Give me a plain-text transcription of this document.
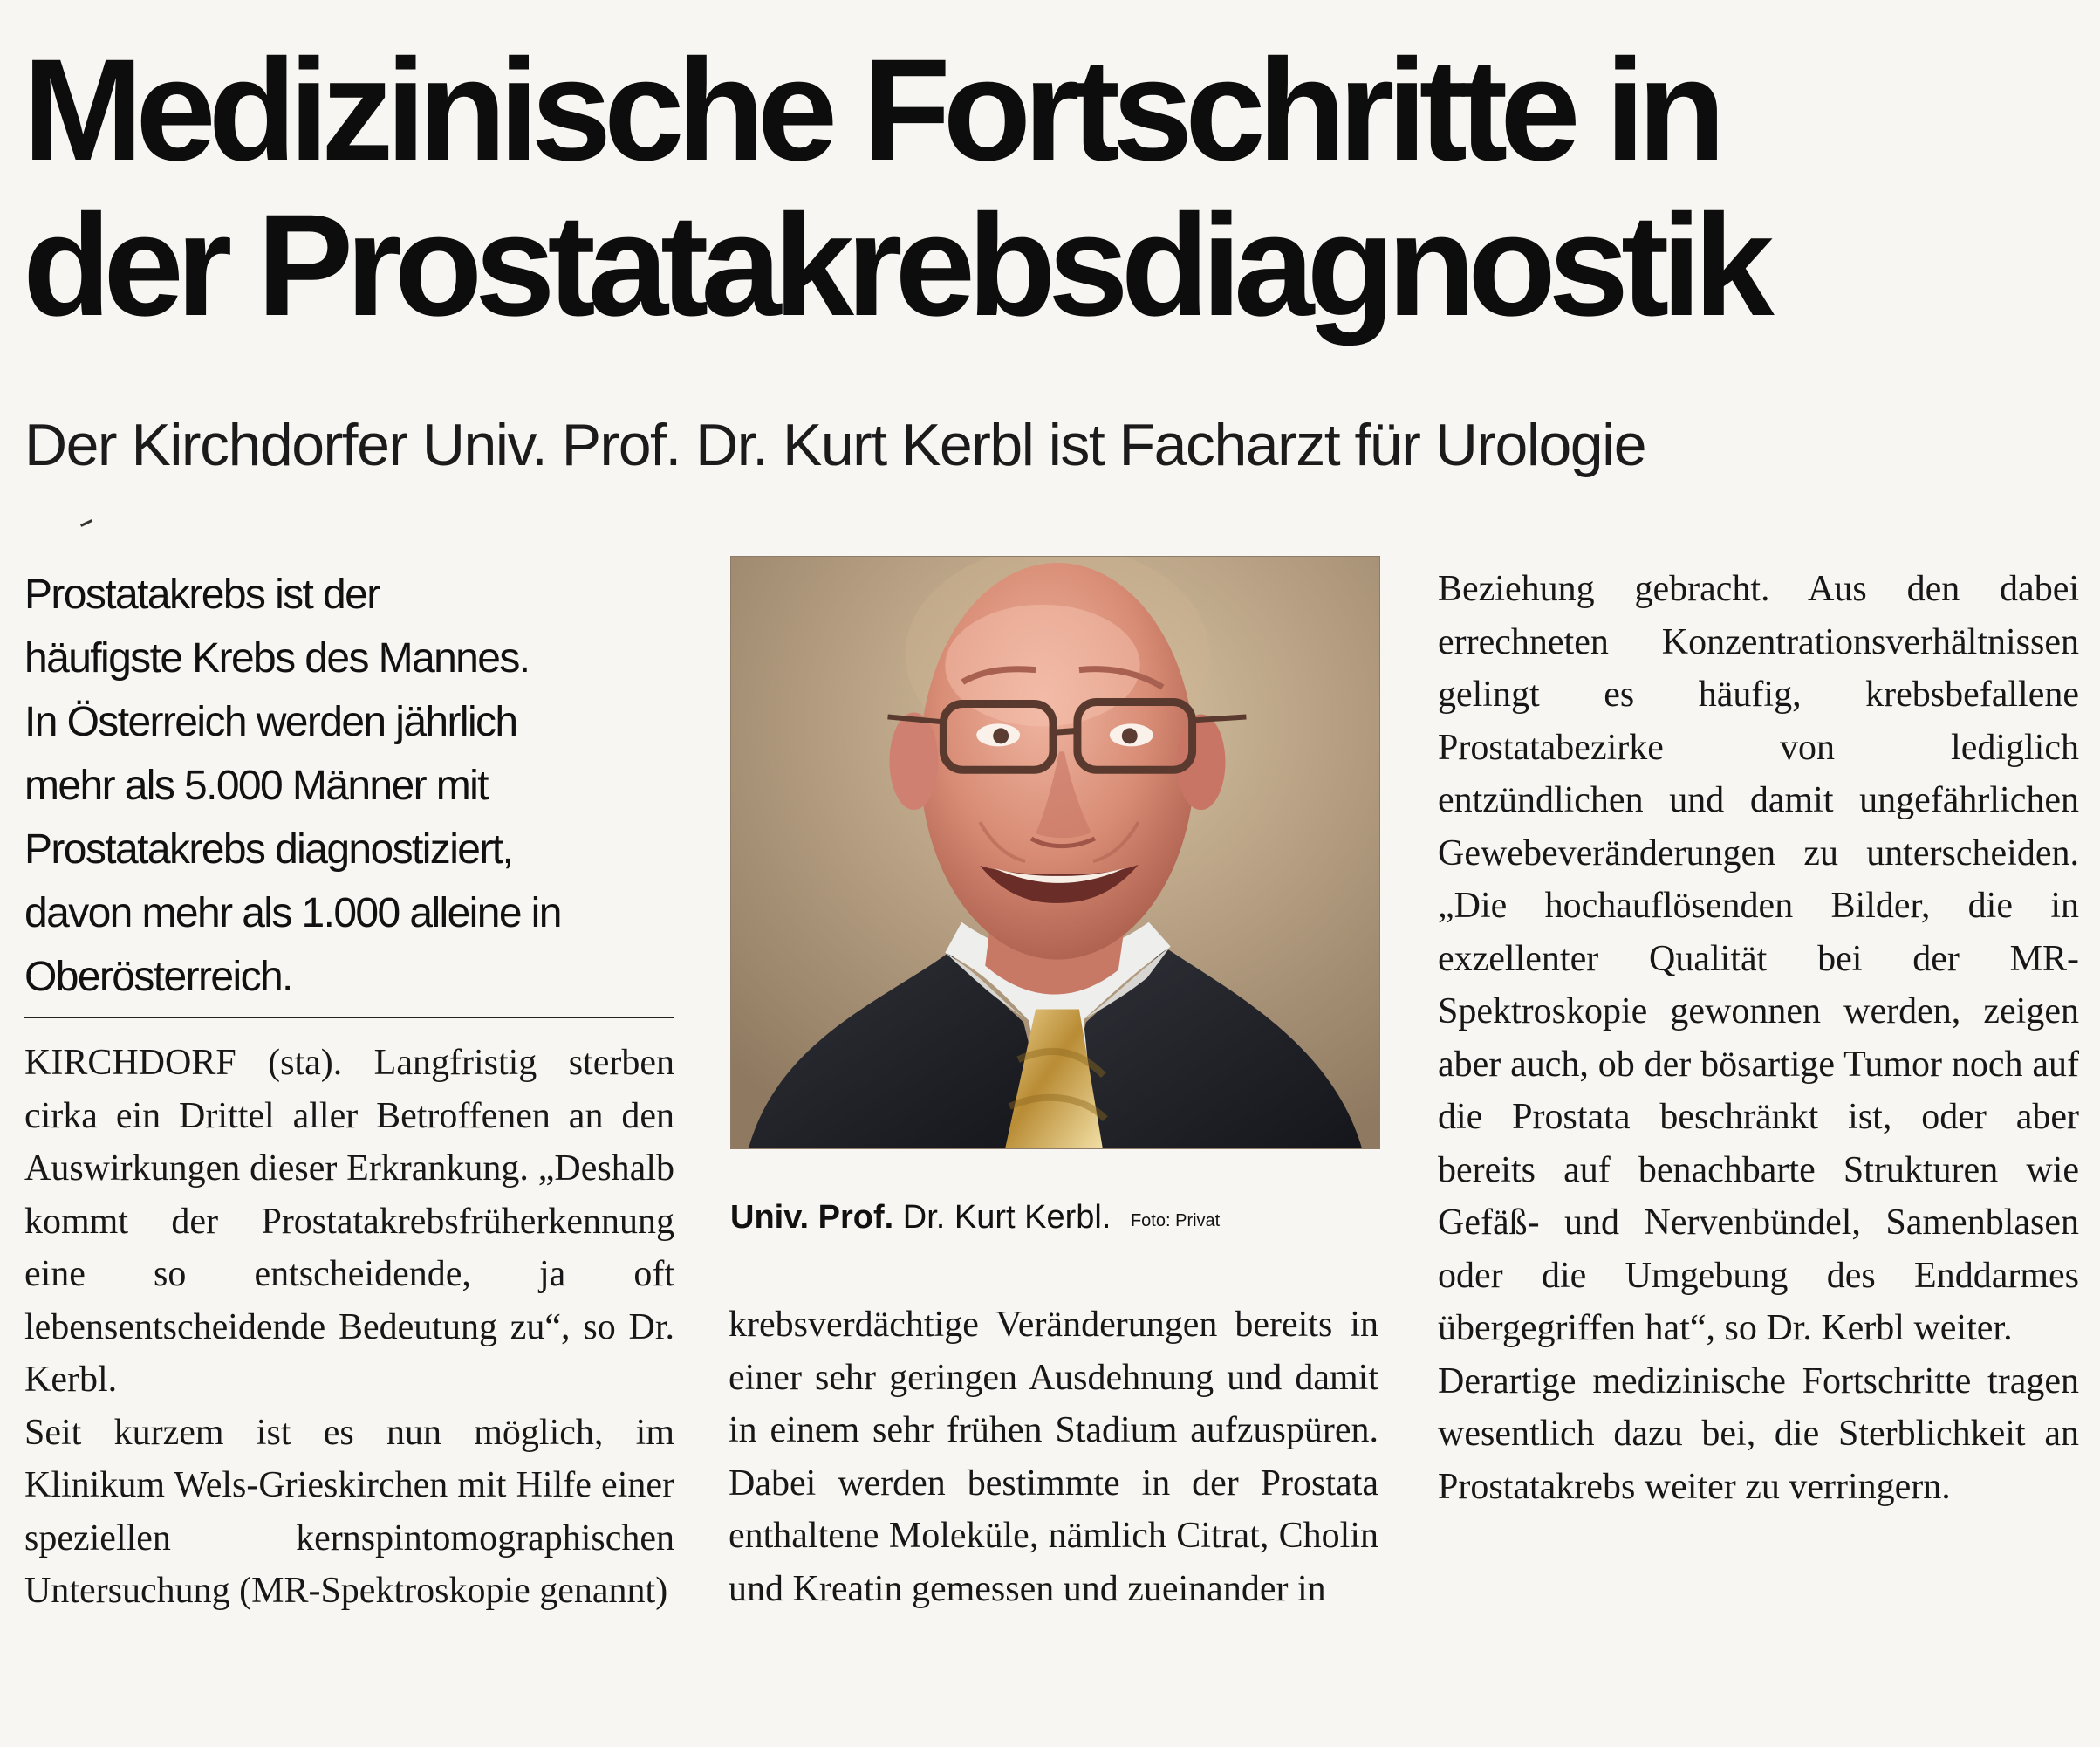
Medizinische Fortschritte in
der Prostatakrebsdiagnostik
Der Kirchdorfer Univ. Prof. Dr. Kurt Kerbl ist Facharzt für Urologie
Prostatakrebs ist der
häufigste Krebs des Mannes.
In Österreich werden jährlich
mehr als 5.000 Männer mit
Prostatakrebs diagnostiziert,
davon mehr als 1.000 alleine in
Oberösterreich.

KIRCHDORF (sta). Langfristig sterben cirka ein Drittel aller Betroffenen an den Auswirkungen dieser Erkrankung. „Deshalb kommt der Prostatakrebsfrüherkennung eine so entscheidende, ja oft lebensentscheidende Bedeutung zu“, so Dr. Kerbl.

Seit kurzem ist es nun möglich, im Klinikum Wels-Grieskirchen mit Hilfe einer speziellen kernspintomographischen Untersuchung (MR-Spektroskopie genannt)

Univ. Prof. Dr. Kurt Kerbl. Foto: Privat

krebsverdächtige Veränderungen bereits in einer sehr geringen Ausdehnung und damit in einem sehr frühen Stadium aufzuspüren. Dabei werden bestimmte in der Prostata enthaltene Moleküle, nämlich Citrat, Cholin und Kreatin gemessen und zueinander in

Beziehung gebracht. Aus den dabei errechneten Konzentrationsverhältnissen gelingt es häufig, krebsbefallene Prostatabezirke von lediglich entzündlichen und damit ungefährlichen Gewebeveränderungen zu unterscheiden. „Die hochauflösenden Bilder, die in exzellenter Qualität bei der MR-Spektroskopie gewonnen werden, zeigen aber auch, ob der bösartige Tumor noch auf die Prostata beschränkt ist, oder aber bereits auf benachbarte Strukturen wie Gefäß- und Nervenbündel, Samenblasen oder die Umgebung des Enddarmes übergegriffen hat“, so Dr. Kerbl weiter.

Derartige medizinische Fortschritte tragen wesentlich dazu bei, die Sterblichkeit an Prostatakrebs weiter zu verringern.
